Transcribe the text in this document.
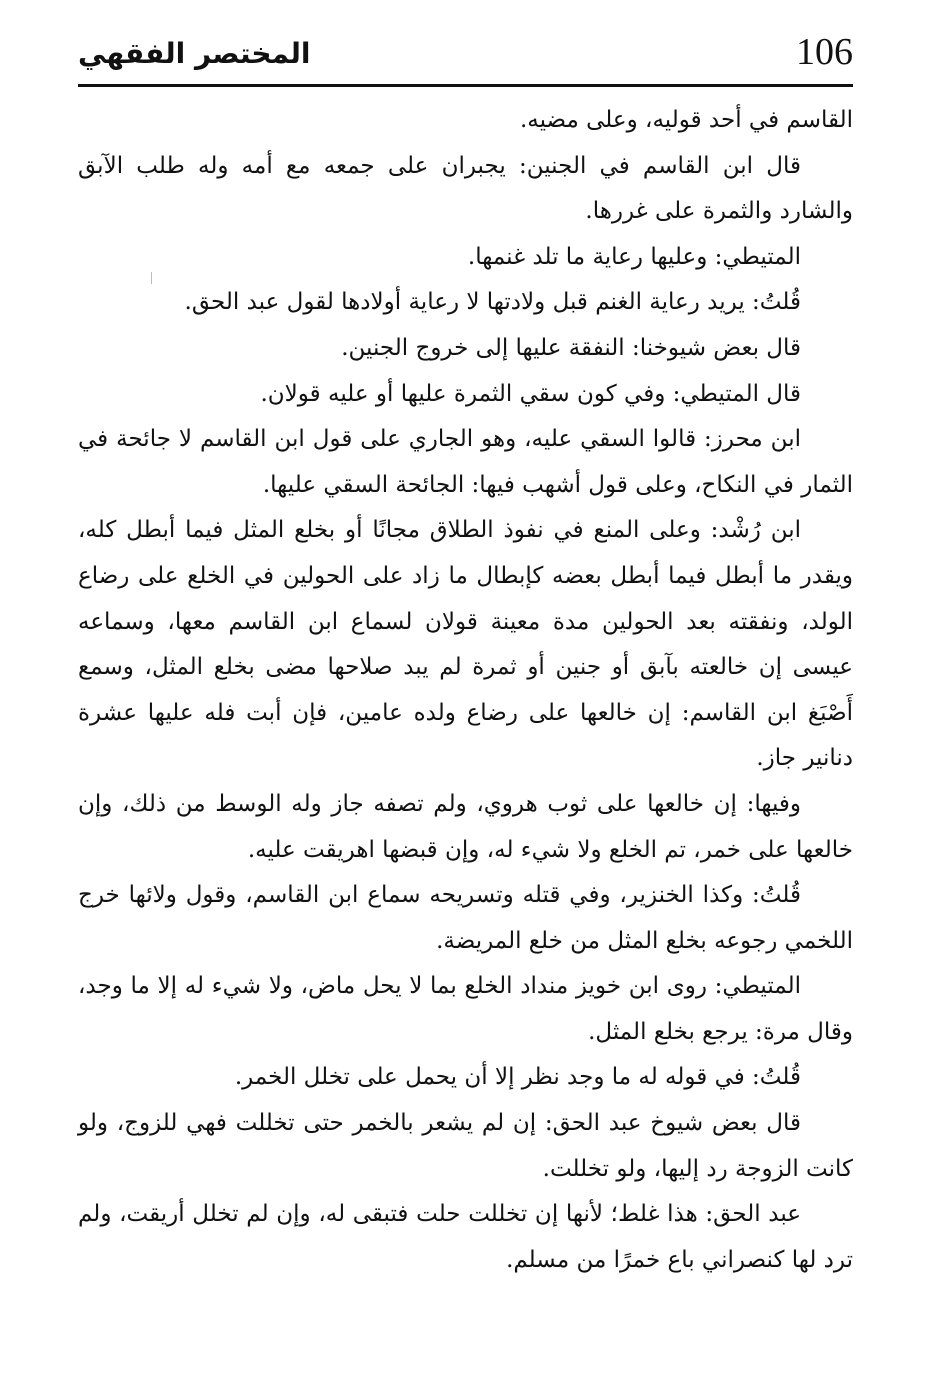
106
المختصر الفقهي

القاسم في أحد قوليه، وعلى مضيه.

قال ابن القاسم في الجنين: يجبران على جمعه مع أمه وله طلب الآبق والشارد والثمرة على غررها.

المتيطي: وعليها رعاية ما تلد غنمها.

قُلتُ: يريد رعاية الغنم قبل ولادتها لا رعاية أولادها لقول عبد الحق.

قال بعض شيوخنا: النفقة عليها إلى خروج الجنين.

قال المتيطي: وفي كون سقي الثمرة عليها أو عليه قولان.

ابن محرز: قالوا السقي عليه، وهو الجاري على قول ابن القاسم لا جائحة في الثمار في النكاح، وعلى قول أشهب فيها: الجائحة السقي عليها.

ابن رُشْد: وعلى المنع في نفوذ الطلاق مجانًا أو بخلع المثل فيما أبطل كله، ويقدر ما أبطل فيما أبطل بعضه كإبطال ما زاد على الحولين في الخلع على رضاع الولد، ونفقته بعد الحولين مدة معينة قولان لسماع ابن القاسم معها، وسماعه عيسى إن خالعته بآبق أو جنين أو ثمرة لم يبد صلاحها مضى بخلع المثل، وسمع أَصْبَغ ابن القاسم: إن خالعها على رضاع ولده عامين، فإن أبت فله عليها عشرة دنانير جاز.

وفيها: إن خالعها على ثوب هروي، ولم تصفه جاز وله الوسط من ذلك، وإن خالعها على خمر، تم الخلع ولا شيء له، وإن قبضها اهريقت عليه.

قُلتُ: وكذا الخنزير، وفي قتله وتسريحه سماع ابن القاسم، وقول ولائها خرج اللخمي رجوعه بخلع المثل من خلع المريضة.

المتيطي: روى ابن خويز منداد الخلع بما لا يحل ماض، ولا شيء له إلا ما وجد، وقال مرة: يرجع بخلع المثل.

قُلتُ: في قوله له ما وجد نظر إلا أن يحمل على تخلل الخمر.

قال بعض شيوخ عبد الحق: إن لم يشعر بالخمر حتى تخللت فهي للزوج، ولو كانت الزوجة رد إليها، ولو تخللت.

عبد الحق: هذا غلط؛ لأنها إن تخللت حلت فتبقى له، وإن لم تخلل أريقت، ولم ترد لها كنصراني باع خمرًا من مسلم.
